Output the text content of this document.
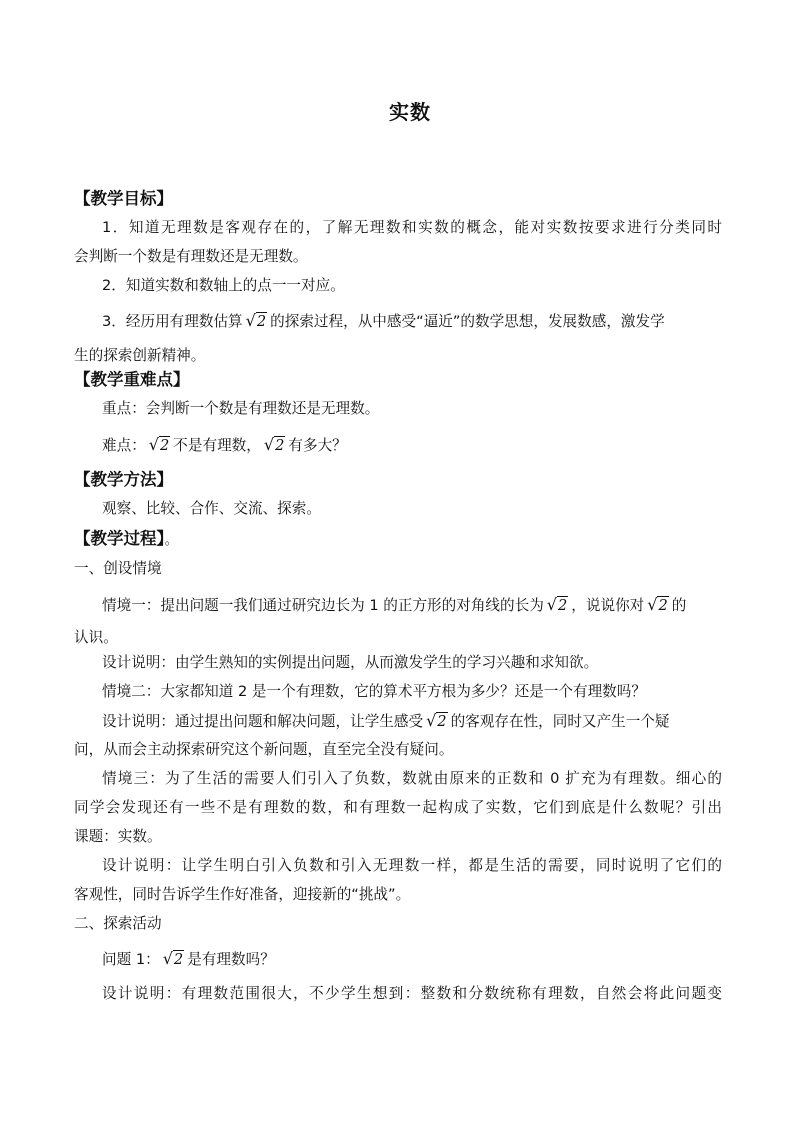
实数
【教学目标】
1．知道无理数是客观存在的，了解无理数和实数的概念，能对实数按要求进行分类同时
会判断一个数是有理数还是无理数。
2．知道实数和数轴上的点一一对应。
3．经历用有理数估算 √2 的探索过程，从中感受“逼近”的数学思想，发展数感，激发学
生的探索创新精神。
【教学重难点】
重点：会判断一个数是有理数还是无理数。
难点： √2 不是有理数， √2 有多大？
【教学方法】
观察、比较、合作、交流、探索。
【教学过程】。
一、创设情境
情境一：提出问题一我们通过研究边长为 1 的正方形的对角线的长为 √2 ，说说你对 √2 的
认识。
设计说明：由学生熟知的实例提出问题，从而激发学生的学习兴趣和求知欲。
情境二：大家都知道 2 是一个有理数，它的算术平方根为多少？还是一个有理数吗？
设计说明：通过提出问题和解决问题，让学生感受 √2 的客观存在性，同时又产生一个疑
问，从而会主动探索研究这个新问题，直至完全没有疑问。
情境三：为了生活的需要人们引入了负数，数就由原来的正数和 0 扩充为有理数。细心的
同学会发现还有一些不是有理数的数，和有理数一起构成了实数，它们到底是什么数呢？引出
课题：实数。
设计说明：让学生明白引入负数和引入无理数一样，都是生活的需要，同时说明了它们的
客观性，同时告诉学生作好准备，迎接新的“挑战”。
二、探索活动
问题 1： √2 是有理数吗？
设计说明：有理数范围很大，不少学生想到：整数和分数统称有理数，自然会将此问题变
